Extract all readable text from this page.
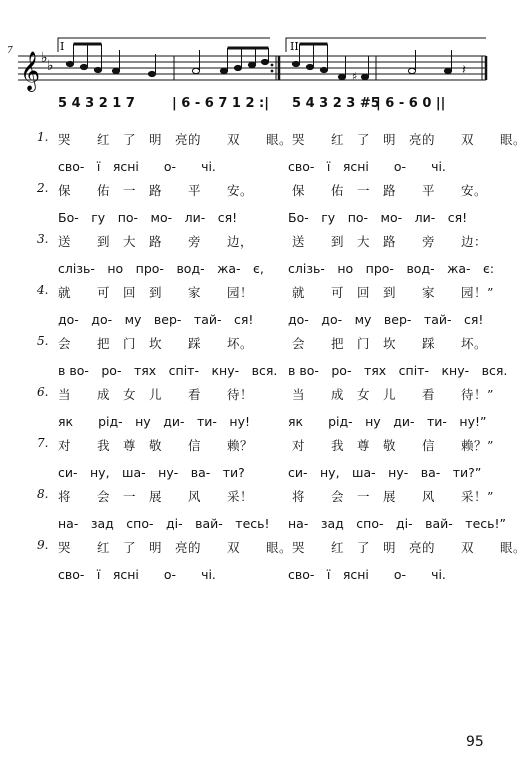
7 𝄞 ♭ ♭
♯	𝄽
I	II
5 4 3 2 1 7	| 6 - 6 7 1 2 :| 5 4 3 2 3 #5
| 6 - 6 0 ||
1. 哭　　红　了　明　亮的　　双　　眼。 哭　　红　了　明　亮的　　双　　眼。
сво-　ї　ясні　　о-　　чі.	сво-　ї　ясні　　о-　　чі.
2. 保　　佑　一　路　　平　　安。	保　　佑　一　路　　平　　安。
Бо-　гу　по-　мо-　ли-　ся!	Бо-　гу　по-　мо-　ли-　ся!
3. 送　　到　大　路　　旁　　边，	送　　到　大　路　　旁　　边：
слізь-　но　про-　вод-　жа-　є, слізь-　но　про-　вод-　жа-　є:
4. 就　　可　回　到　　家　　园！	就　　可　回　到　　家　　园！”
до-　до-　му　вер-　тай-　ся!	до-　до-　му　вер-　тай-　ся!
5. 会　　把　门　坎　　踩　　坏。	会　　把　门　坎　　踩　　坏。
в во-　ро-　тях　спіт-　кну-　вся. в во-　ро-　тях　спіт-　кну-　вся.
6. 当　　成　女　儿　　看　　待！	当　　成　女　儿　　看　　待！”
як　　рід-　ну　ди-　ти-　ну!	як　　рід-　ну　ди-　ти-　ну!”
7. 对　　我　尊　敬　　信　　赖？	对　　我　尊　敬　　信　　赖？”
си-　ну,　ша-　ну-　ва-　ти?	си-　ну,　ша-　ну-　ва-　ти?”
8. 将　　会　一　展　　风　　采！	将　　会　一　展　　风　　采！”
на-　зад　спо-　ді-　вай-　тесь! на-　зад　спо-　ді-　вай-　тесь!”
9. 哭　　红　了　明　亮的　　双　　眼。 哭　　红　了　明　亮的　　双　　眼。
сво-　ї　ясні　　о-　　чі.	сво-　ї　ясні　　о-　　чі.
95
